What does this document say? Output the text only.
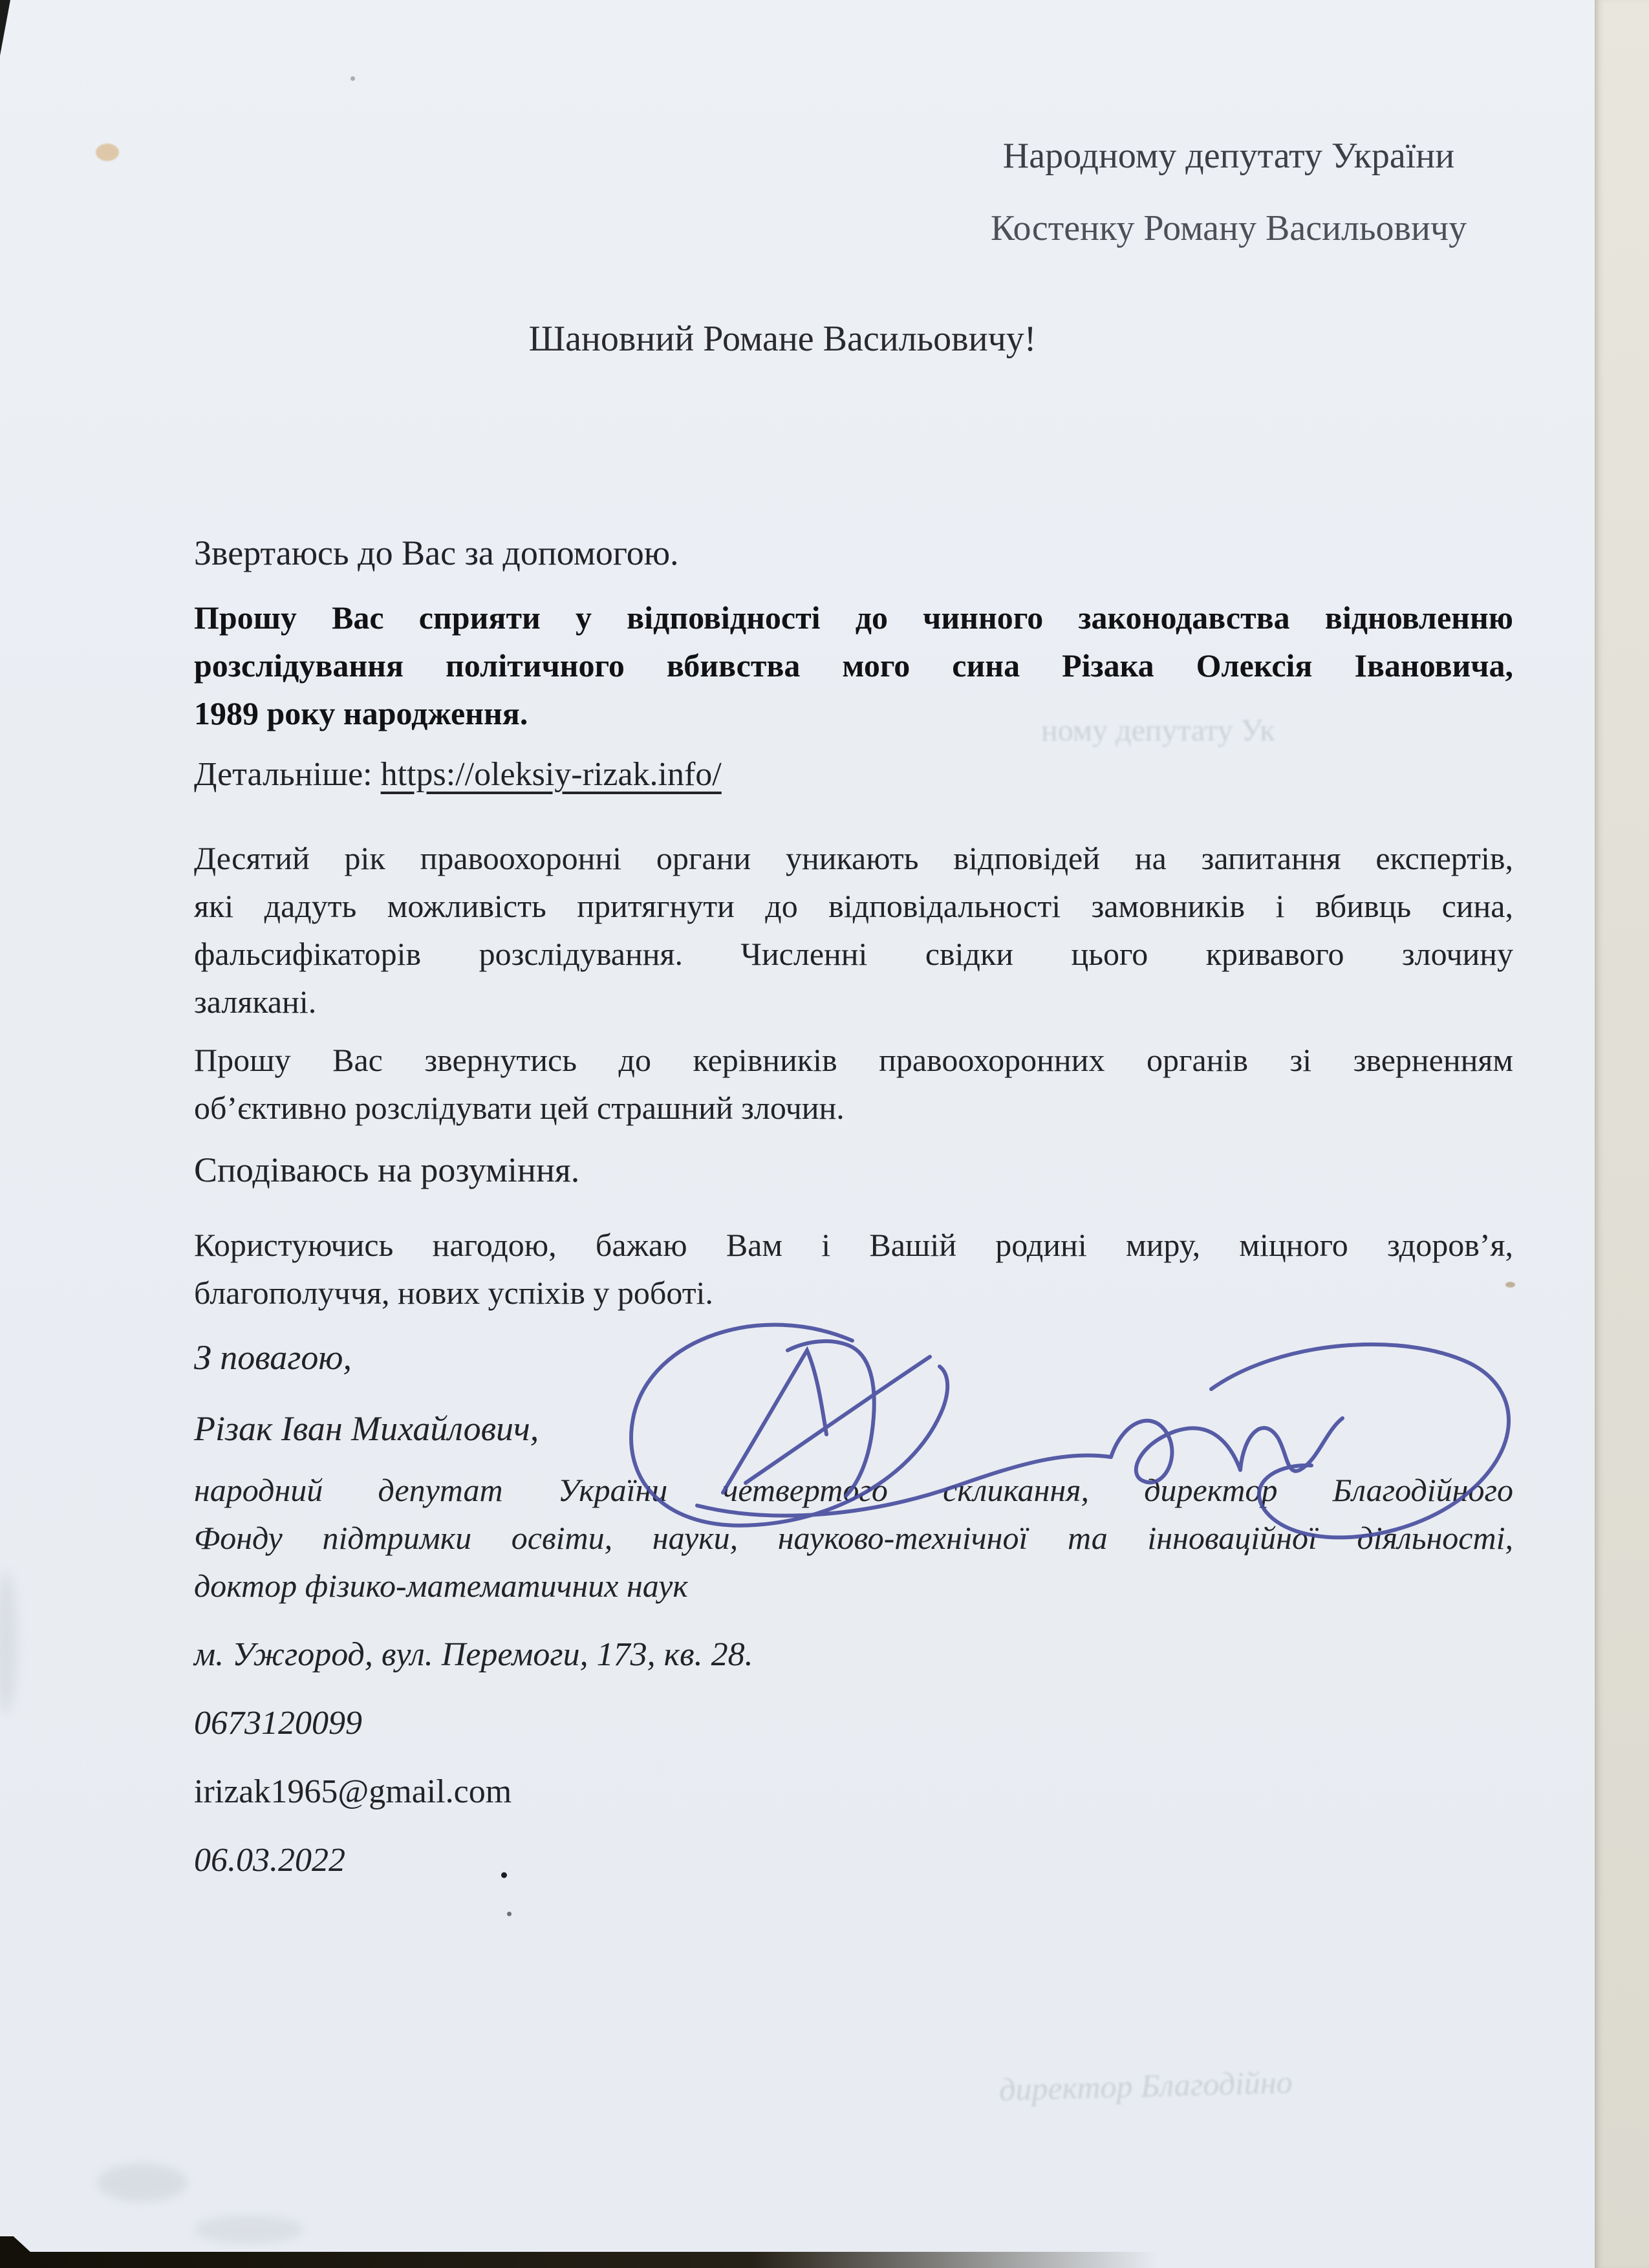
ному депутату Ук
директор Благодійно
Народному депутату України
Костенку Роману Васильовичу
Шановний Романе Васильовичу!
Звертаюсь до Вас за допомогою.
Прошу Вас сприяти у відповідності до чинного законодавства відновленню
розслідування політичного вбивства мого сина Різака Олексія Івановича,
1989 року народження.
Детальніше: https://oleksiy-rizak.info/
Десятий рік правоохоронні органи уникають відповідей на запитання експертів,
які дадуть можливість притягнути до відповідальності замовників і вбивць сина,
фальсифікаторів розслідування. Численні свідки цього кривавого злочину
залякані.
Прошу Вас звернутись до керівників правоохоронних органів зі зверненням
об’єктивно розслідувати цей страшний злочин.
Сподіваюсь на розуміння.
Користуючись нагодою, бажаю Вам і Вашій родині миру, міцного здоров’я,
благополуччя, нових успіхів у роботі.
З повагою,
Різак Іван Михайлович,
народний депутат України четвертого скликання, директор Благодійного
Фонду підтримки освіти, науки, науково-технічної та інноваційної діяльності,
доктор фізико-математичних наук
м. Ужгород, вул. Перемоги, 173, кв. 28.
0673120099
irizak1965@gmail.com
06.03.2022
